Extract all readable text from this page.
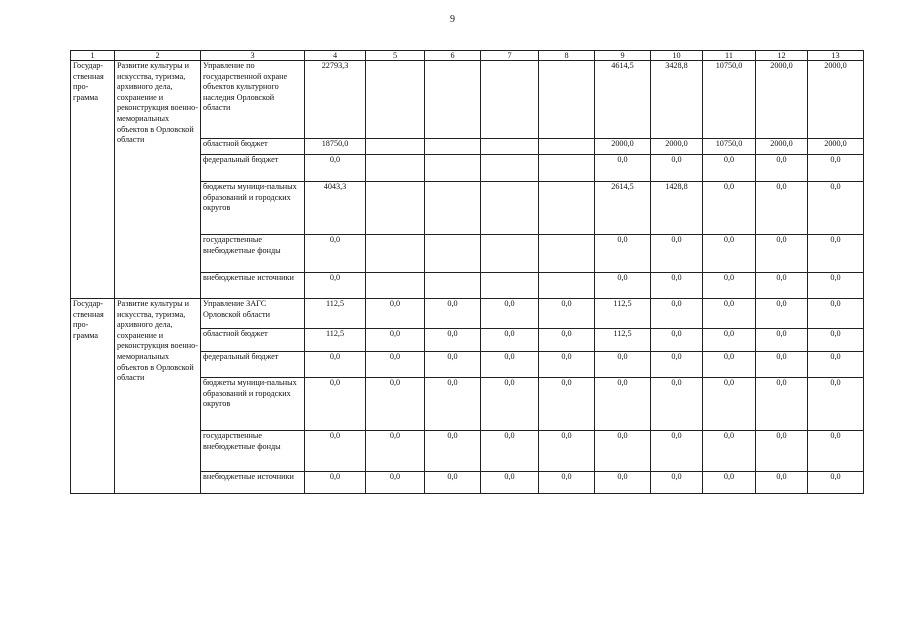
9
1	2	3	4	5	6	7	8	9	10	11	12	13
Государ-ственная про-грамма	Развитие культуры и искусства, туризма, архивного дела, сохранение и реконструкция военно-мемориальных объектов в Орловской области	Управление по государственной охране объектов культурного наследия Орловской области	22793,3					4614,5	3428,8	10750,0	2000,0	2000,0
		областной бюджет	18750,0					2000,0	2000,0	10750,0	2000,0	2000,0
		федеральный бюджет	0,0					0,0	0,0	0,0	0,0	0,0
		бюджеты муници-пальных образований и городских округов	4043,3					2614,5	1428,8	0,0	0,0	0,0
		государственные внебюджетные фонды	0,0					0,0	0,0	0,0	0,0	0,0
		внебюджетные источники	0,0					0,0	0,0	0,0	0,0	0,0
Государ-ственная про-грамма	Развитие культуры и искусства, туризма, архивного дела, сохранение и реконструкция военно-мемориальных объектов в Орловской области	Управление ЗАГС Орловской области	112,5	0,0	0,0	0,0	0,0	112,5	0,0	0,0	0,0	0,0
		областной бюджет	112,5	0,0	0,0	0,0	0,0	112,5	0,0	0,0	0,0	0,0
		федеральный бюджет	0,0	0,0	0,0	0,0	0,0	0,0	0,0	0,0	0,0	0,0
		бюджеты муници-пальных образований и городских округов	0,0	0,0	0,0	0,0	0,0	0,0	0,0	0,0	0,0	0,0
		государственные внебюджетные фонды	0,0	0,0	0,0	0,0	0,0	0,0	0,0	0,0	0,0	0,0
		внебюджетные источники	0,0	0,0	0,0	0,0	0,0	0,0	0,0	0,0	0,0	0,0
